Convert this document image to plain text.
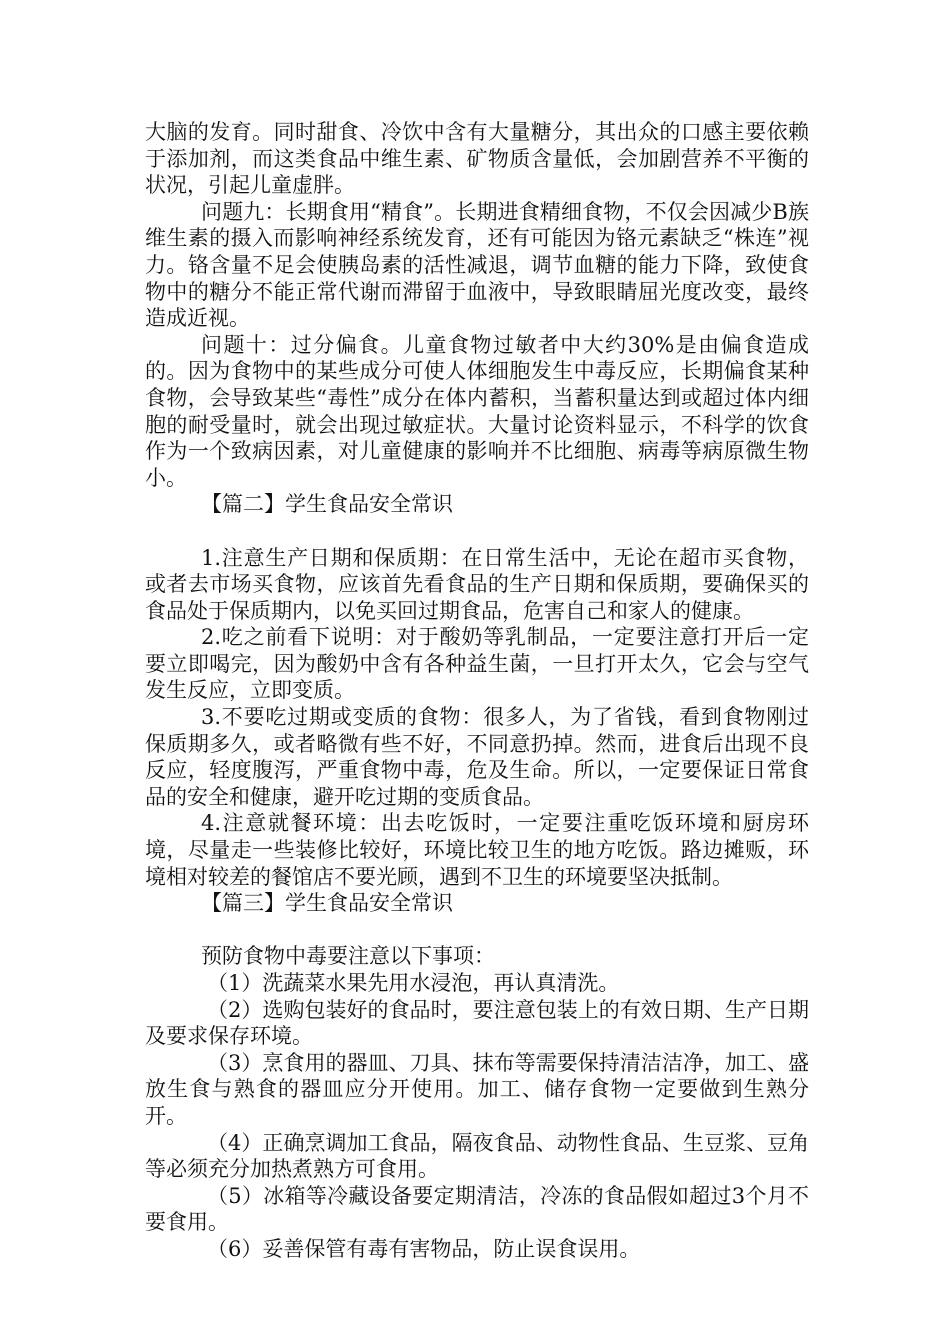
大脑的发育。同时甜食、冷饮中含有大量糖分，其出众的口感主要依赖于添加剂，而这类食品中维生素、矿物质含量低，会加剧营养不平衡的状况，引起儿童虚胖。

问题九：长期食用“精食”。长期进食精细食物，不仅会因减少B族维生素的摄入而影响神经系统发育，还有可能因为铬元素缺乏“株连”视力。铬含量不足会使胰岛素的活性减退，调节血糖的能力下降，致使食物中的糖分不能正常代谢而滞留于血液中，导致眼睛屈光度改变，最终造成近视。

问题十：过分偏食。儿童食物过敏者中大约30%是由偏食造成的。因为食物中的某些成分可使人体细胞发生中毒反应，长期偏食某种食物，会导致某些“毒性”成分在体内蓄积，当蓄积量达到或超过体内细胞的耐受量时，就会出现过敏症状。大量讨论资料显示，不科学的饮食作为一个致病因素，对儿童健康的影响并不比细胞、病毒等病原微生物小。

【篇二】学生食品安全常识

1.注意生产日期和保质期：在日常生活中，无论在超市买食物，或者去市场买食物，应该首先看食品的生产日期和保质期，要确保买的食品处于保质期内，以免买回过期食品，危害自己和家人的健康。

2.吃之前看下说明：对于酸奶等乳制品，一定要注意打开后一定要立即喝完，因为酸奶中含有各种益生菌，一旦打开太久，它会与空气发生反应，立即变质。

3.不要吃过期或变质的食物：很多人，为了省钱，看到食物刚过保质期多久，或者略微有些不好，不同意扔掉。然而，进食后出现不良反应，轻度腹泻，严重食物中毒，危及生命。所以，一定要保证日常食品的安全和健康，避开吃过期的变质食品。

4.注意就餐环境：出去吃饭时，一定要注重吃饭环境和厨房环境，尽量走一些装修比较好，环境比较卫生的地方吃饭。路边摊贩，环境相对较差的餐馆店不要光顾，遇到不卫生的环境要坚决抵制。

【篇三】学生食品安全常识

预防食物中毒要注意以下事项：

（1）洗蔬菜水果先用水浸泡，再认真清洗。

（2）选购包装好的食品时，要注意包装上的有效日期、生产日期及要求保存环境。

（3）烹食用的器皿、刀具、抹布等需要保持清洁洁净，加工、盛放生食与熟食的器皿应分开使用。加工、储存食物一定要做到生熟分开。

（4）正确烹调加工食品，隔夜食品、动物性食品、生豆浆、豆角等必须充分加热煮熟方可食用。

（5）冰箱等冷藏设备要定期清洁，冷冻的食品假如超过3个月不要食用。

（6）妥善保管有毒有害物品，防止误食误用。
